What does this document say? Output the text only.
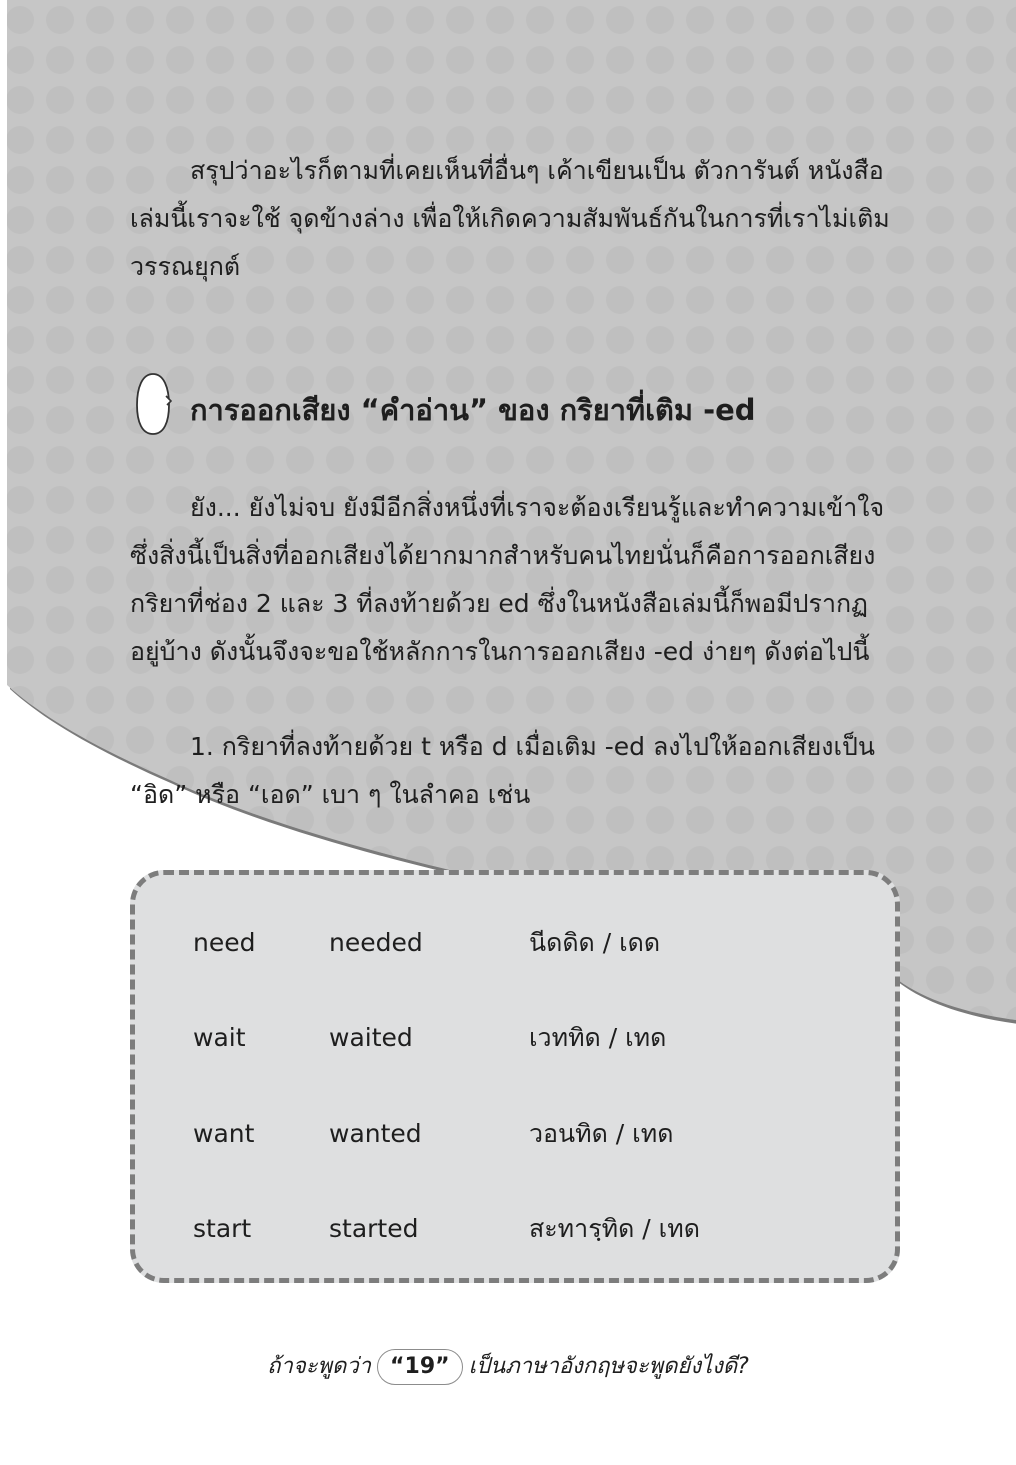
สรุปว่าอะไรก็ตามที่เคยเห็นที่อื่นๆ เค้าเขียนเป็น ตัวการันต์ หนังสือ
เล่มนี้เราจะใช้ จุดข้างล่าง เพื่อให้เกิดความสัมพันธ์กันในการที่เราไม่เติม
วรรณยุกต์
การออกเสียง “คำอ่าน” ของ กริยาที่เติม -ed
ยัง... ยังไม่จบ ยังมีอีกสิ่งหนึ่งที่เราจะต้องเรียนรู้และทำความเข้าใจ
ซึ่งสิ่งนี้เป็นสิ่งที่ออกเสียงได้ยากมากสำหรับคนไทยนั่นก็คือการออกเสียง
กริยาที่ช่อง 2 และ 3 ที่ลงท้ายด้วย ed ซึ่งในหนังสือเล่มนี้ก็พอมีปรากฏ
อยู่บ้าง ดังนั้นจึงจะขอใช้หลักการในการออกเสียง -ed ง่ายๆ ดังต่อไปนี้
1. กริยาที่ลงท้ายด้วย t หรือ d เมื่อเติม -ed ลงไปให้ออกเสียงเป็น
“อิด” หรือ “เอด” เบา ๆ ในลำคอ เช่น
need	needed	นีดดิด / เดด
wait	waited	เวททิด / เทด
want	wanted	วอนทิด / เทด
start	started	สะทารฺทิด / เทด
ถ้าจะพูดว่า “19” เป็นภาษาอังกฤษจะพูดยังไงดี?
